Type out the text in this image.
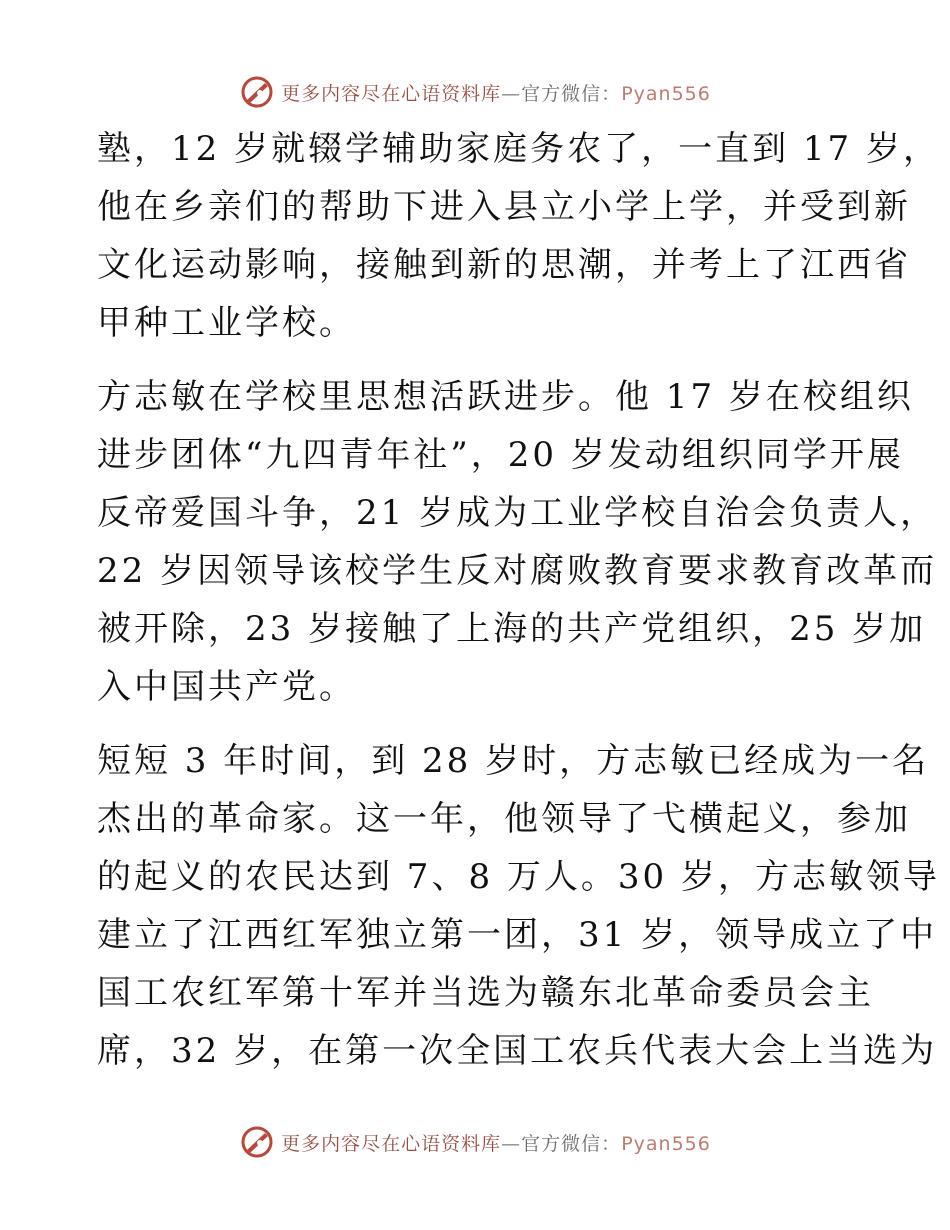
更多内容尽在心语资料库—官方微信：Pyan556
塾，12 岁就辍学辅助家庭务农了，一直到 17 岁，
他在乡亲们的帮助下进入县立小学上学，并受到新
文化运动影响，接触到新的思潮，并考上了江西省
甲种工业学校。
方志敏在学校里思想活跃进步。他 17 岁在校组织
进步团体“九四青年社”，20 岁发动组织同学开展
反帝爱国斗争，21 岁成为工业学校自治会负责人，
22 岁因领导该校学生反对腐败教育要求教育改革而
被开除，23 岁接触了上海的共产党组织，25 岁加
入中国共产党。
短短 3 年时间，到 28 岁时，方志敏已经成为一名
杰出的革命家。这一年，他领导了弋横起义，参加
的起义的农民达到 7、8 万人。30 岁，方志敏领导
建立了江西红军独立第一团，31 岁，领导成立了中
国工农红军第十军并当选为赣东北革命委员会主
席，32 岁，在第一次全国工农兵代表大会上当选为
更多内容尽在心语资料库—官方微信：Pyan556
